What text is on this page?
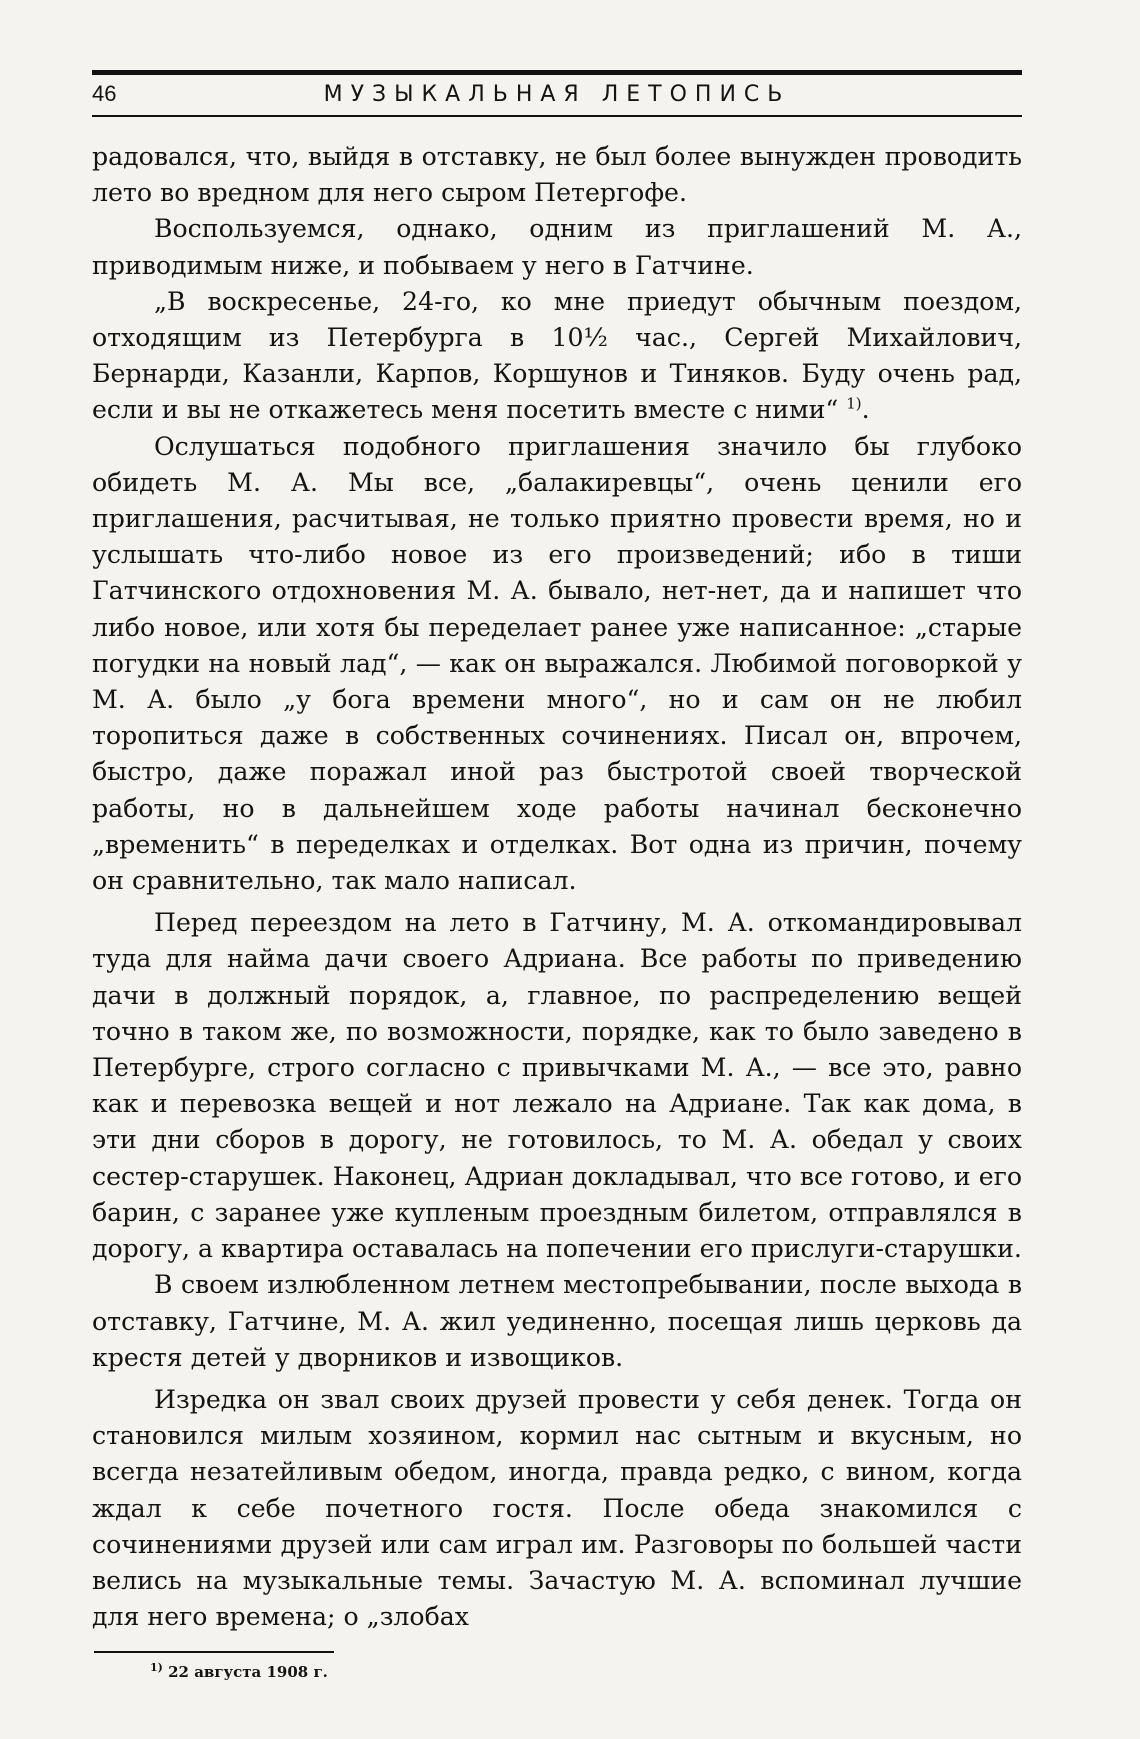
46	МУЗЫКАЛЬНАЯ ЛЕТОПИСЬ

радовался, что, выйдя в отставку, не был более вынужден проводить лето во вредном для него сыром Петергофе.

Воспользуемся, однако, одним из приглашений М. А., приводимым ниже, и побываем у него в Гатчине.

„В воскресенье, 24-го, ко мне приедут обычным поездом, отходящим из Петербурга в 10½ час., Сергей Михайлович, Бернарди, Казанли, Карпов, Коршунов и Тиняков. Буду очень рад, если и вы не откажетесь меня посетить вместе с ними“ $^{1)}$.

Ослушаться подобного приглашения значило бы глубоко обидеть М. А. Мы все, „балакиревцы“, очень ценили его приглашения, расчитывая, не только приятно провести время, но и услышать что-либо новое из его произведений; ибо в тиши Гатчинского отдохновения М. А. бывало, нет-нет, да и напишет что либо новое, или хотя бы переделает ранее уже написанное: „старые погудки на новый лад“, — как он выражался. Любимой поговоркой у М. А. было „у бога времени много“, но и сам он не любил торопиться даже в собственных сочинениях. Писал он, впрочем, быстро, даже поражал иной раз быстротой своей творческой работы, но в дальнейшем ходе работы начинал бесконечно „временить“ в переделках и отделках. Вот одна из причин, почему он сравнительно, так мало написал.

Перед переездом на лето в Гатчину, М. А. откомандировывал туда для найма дачи своего Адриана. Все работы по приведению дачи в должный порядок, а, главное, по распределению вещей точно в таком же, по возможности, порядке, как то было заведено в Петербурге, строго согласно с привычками М. А., — все это, равно как и перевозка вещей и нот лежало на Адриане. Так как дома, в эти дни сборов в дорогу, не готовилось, то М. А. обедал у своих сестер-старушек. Наконец, Адриан докладывал, что все готово, и его барин, с заранее уже купленым проездным билетом, отправлялся в дорогу, а квартира оставалась на попечении его прислуги-старушки.

В своем излюбленном летнем местопребывании, после выхода в отставку, Гатчине, М. А. жил уединенно, посещая лишь церковь да крестя детей у дворников и извощиков.

Изредка он звал своих друзей провести у себя денек. Тогда он становился милым хозяином, кормил нас сытным и вкусным, но всегда незатейливым обедом, иногда, правда редко, с вином, когда ждал к себе почетного гостя. После обеда знакомился с сочинениями друзей или сам играл им. Разговоры по большей части велись на музыкальные темы. Зачастую М. А. вспоминал лучшие для него времена; о „злобах

$^{1)}$ 22 августа 1908 г.
